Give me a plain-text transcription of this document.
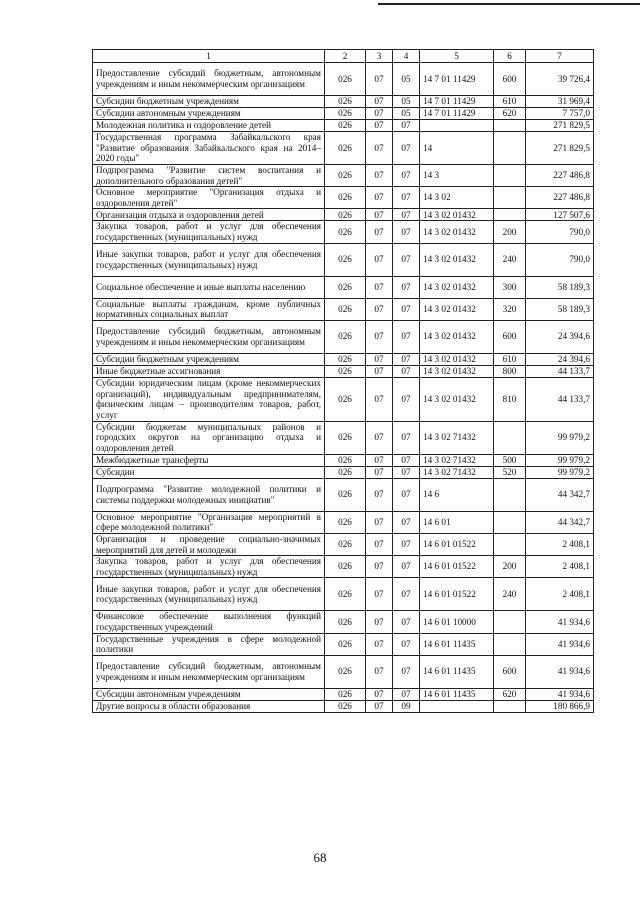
1	2	3	4	5	6	7
Предоставление субсидий бюджетным, автономным учреждениям и иным некоммерческим организациям	026	07	05	14 7 01 11429	600	39 726,4
Субсидии бюджетным учреждениям	026	07	05	14 7 01 11429	610	31 969,4
Субсидии автономным учреждениям	026	07	05	14 7 01 11429	620	7 757,0
Молодежная политика и оздоровление детей	026	07	07			271 829,5
Государственная программа Забайкальского края "Развитие образования Забайкальского края на 2014–2020 годы"	026	07	07	14		271 829,5
Подпрограмма "Развитие систем воспитания и дополнительного образования детей"	026	07	07	14 3		227 486,8
Основное мероприятие "Организация отдыха и оздоровления детей"	026	07	07	14 3 02		227 486,8
Организация отдыха и оздоровления детей	026	07	07	14 3 02 01432		127 507,6
Закупка товаров, работ и услуг для обеспечения государственных (муниципальных) нужд	026	07	07	14 3 02 01432	200	790,0
Иные закупки товаров, работ и услуг для обеспечения государственных (муниципальных) нужд	026	07	07	14 3 02 01432	240	790,0
Социальное обеспечение и иные выплаты населению	026	07	07	14 3 02 01432	300	58 189,3
Социальные выплаты гражданам, кроме публичных нормативных социальных выплат	026	07	07	14 3 02 01432	320	58 189,3
Предоставление субсидий бюджетным, автономным учреждениям и иным некоммерческим организациям	026	07	07	14 3 02 01432	600	24 394,6
Субсидии бюджетным учреждениям	026	07	07	14 3 02 01432	610	24 394,6
Иные бюджетные ассигнования	026	07	07	14 3 02 01432	800	44 133,7
Субсидии юридическим лицам (кроме некоммерческих организаций), индивидуальным предпринимателям, физическим лицам – производителям товаров, работ, услуг	026	07	07	14 3 02 01432	810	44 133,7
Субсидии бюджетам муниципальных районов и городских округов на организацию отдыха и оздоровления детей	026	07	07	14 3 02 71432		99 979,2
Межбюджетные трансферты	026	07	07	14 3 02 71432	500	99 979,2
Субсидии	026	07	07	14 3 02 71432	520	99 979,2
Подпрограмма "Развитие молодежной политики и системы поддержки молодежных инициатив"	026	07	07	14 6		44 342,7
Основное мероприятие "Организация мероприятий в сфере молодежной политики"	026	07	07	14 6 01		44 342,7
Организация и проведение социально-значимых мероприятий для детей и молодежи	026	07	07	14 6 01 01522		2 408,1
Закупка товаров, работ и услуг для обеспечения государственных (муниципальных) нужд	026	07	07	14 6 01 01522	200	2 408,1
Иные закупки товаров, работ и услуг для обеспечения государственных (муниципальных) нужд	026	07	07	14 6 01 01522	240	2 408,1
Финансовое обеспечение выполнения функций государственных учреждений	026	07	07	14 6 01 10000		41 934,6
Государственные учреждения в сфере молодежной политики	026	07	07	14 6 01 11435		41 934,6
Предоставление субсидий бюджетным, автономным учреждениям и иным некоммерческим организациям	026	07	07	14 6 01 11435	600	41 934,6
Субсидии автономным учреждениям	026	07	07	14 6 01 11435	620	41 934,6
Другие вопросы в области образования	026	07	09			180 866,9
68
